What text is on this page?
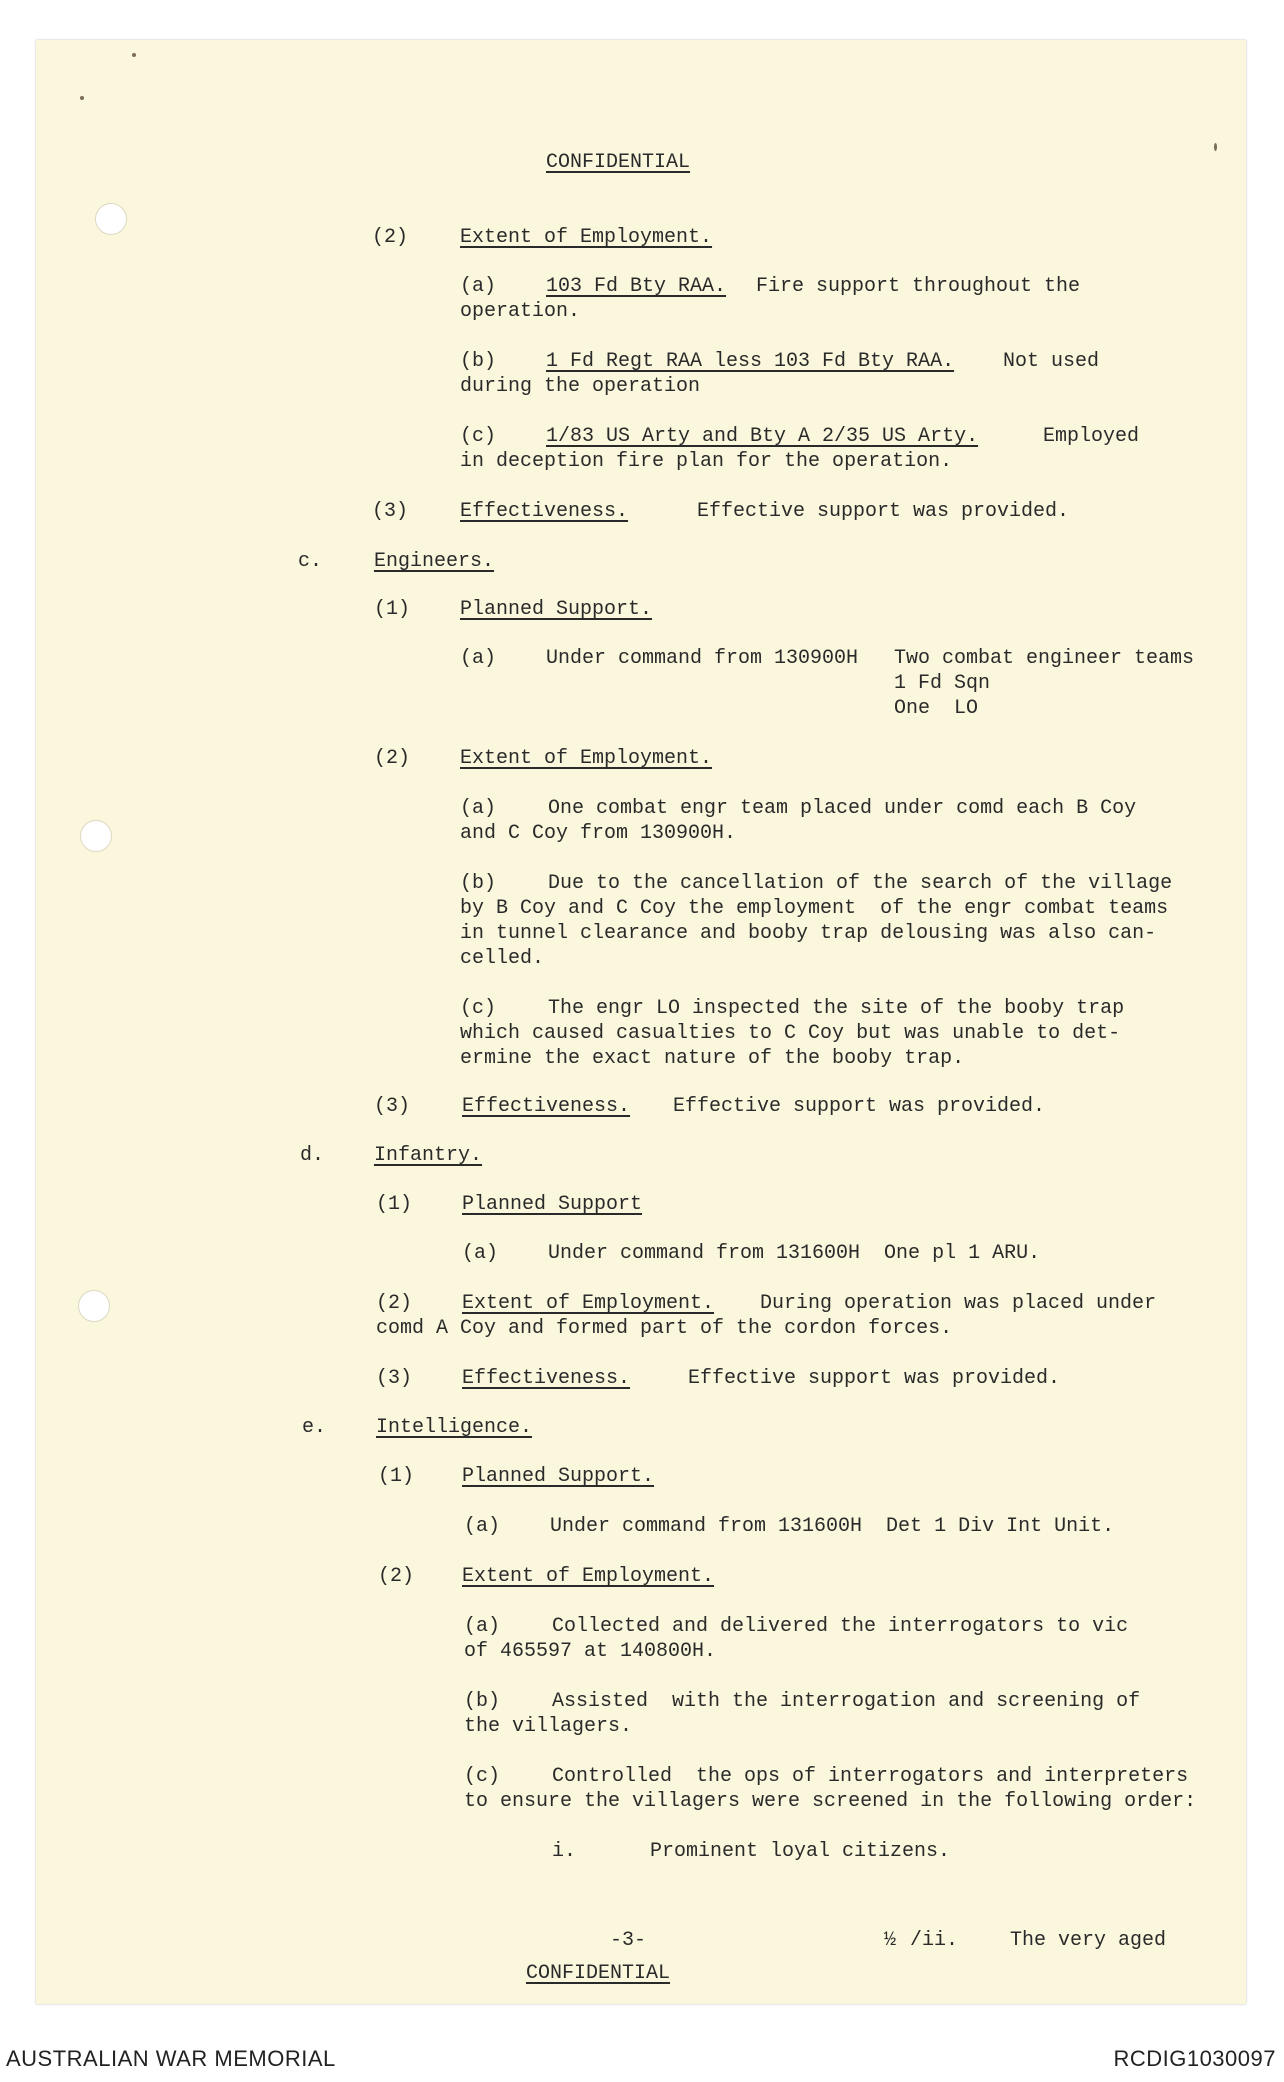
CONFIDENTIAL
(2)	Extent of Employment.
(a) 103 Fd Bty RAA. Fire support throughout the
operation.
(b) 1 Fd Regt RAA less 103 Fd Bty RAA. Not used
during the operation
(c) 1/83 US Arty and Bty A 2/35 US Arty.	Employed
in deception fire plan for the operation.
(3)	Effectiveness.	Effective support was provided.
c.	Engineers.
(1) Planned Support.
(a) Under command from 130900H Two combat engineer teams
1 Fd Sqn
One  LO
(2) Extent of Employment.
(a)	One combat engr team placed under comd each B Coy
and C Coy from 130900H.
(b)	Due to the cancellation of the search of the village
by B Coy and C Coy the employment  of the engr combat teams
in tunnel clearance and booby trap delousing was also can-
celled.
(c)	The engr LO inspected the site of the booby trap
which caused casualties to C Coy but was unable to det-
ermine the exact nature of the booby trap.
(3)	Effectiveness. Effective support was provided.
d. Infantry.
(1) Planned Support
(a) Under command from 131600H  One pl 1 ARU.
(2) Extent of Employment. During operation was placed under
comd A Coy and formed part of the cordon forces.
(3) Effectiveness.	Effective support was provided.
e. Intelligence.
(1) Planned Support.
(a) Under command from 131600H  Det 1 Div Int Unit.
(2) Extent of Employment.
(a)	Collected and delivered the interrogators to vic
of 465597 at 140800H.
(b)	Assisted  with the interrogation and screening of
the villagers.
(c)	Controlled  the ops of interrogators and interpreters
to ensure the villagers were screened in the following order:
i.	Prominent loyal citizens.
-3-	½ /ii.	The very aged
CONFIDENTIAL
AUSTRALIAN WAR MEMORIAL	RCDIG1030097
